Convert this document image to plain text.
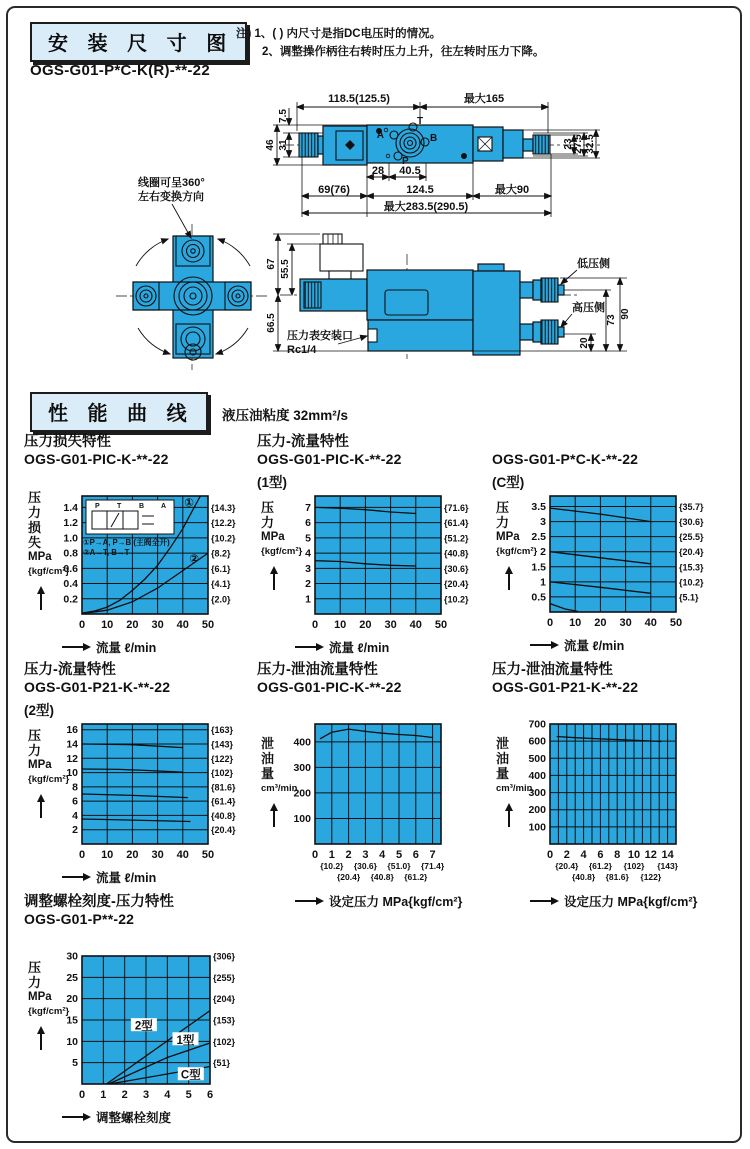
安 装 尺 寸 图 注) 1、( ) 内尺寸是指DC电压时的情况。
2、调整操作柄往右转时压力上升，往左转时压力下降。
OGS-G01-P*C-K(R)-**-22
T
A	B
P
118.5(125.5)	最大165
7.5
46 31	23 27.5 32.5
28 40.5
69(76)	124.5	最大90
最大283.5(290.5)
线圈可呈360°
左右变换方向
低压侧
高压侧
67 55.5
66.5	90
73
20
压力表安装口
Rc1/4
性 能 曲 线	液压油粘度 32mm²/s
压力损失特性
OGS-G01-PIC-K-**-22
压
力
损
失
MPa
{kgf/cm²}
P T	B A
①P→A, P→B (主阀全开)
②A→T, B→T
①
②
1.4	{14.3}
1.2	{12.2}
1.0	{10.2}
0.8	{8.2}
0.6	{6.1}
0.4	{4.1}
0.2	{2.0}
0 10 20 30 40 50
流量 ℓ/min
压力-流量特性
OGS-G01-PIC-K-**-22
(1型)
压
力
MPa
{kgf/cm²}
7	{71.6}
6	{61.4}
5	{51.2}
4	{40.8}
3	{30.6}
2	{20.4}
1	{10.2}
0 10 20 30 40 50
流量 ℓ/min
OGS-G01-P*C-K-**-22
(C型)
压
力
MPa
{kgf/cm²}
3.5	{35.7}
3	{30.6}
2.5	{25.5}
2	{20.4}
1.5	{15.3}
1	{10.2}
0.5	{5.1}
0 10 20 30 40 50
流量 ℓ/min
压力-流量特性
OGS-G01-P21-K-**-22
(2型)
压
力
MPa
{kgf/cm²}
16	{163}
14	{143}
12	{122}
10	{102}
8	{81.6}
6	{61.4}
4	{40.8}
2	{20.4}
0 10 20 30 40 50
流量 ℓ/min
压力-泄油流量特性
OGS-G01-PIC-K-**-22
泄
油
量
cm³/min
400
300
200
100
0 1
{10.2}
2
{20.4}
3
{30.6}
4
{40.8}
5
{51.0}
6
{61.2}
7
{71.4}
设定压力 MPa{kgf/cm²}
压力-泄油流量特性
OGS-G01-P21-K-**-22
泄
油
量
cm³/min
700
600
500
400
300
200
100
0 2
{20.4}
4
{40.8}
6
{61.2}
8
{81.6}
10
{102}
12
{122}
14
{143}
设定压力 MPa{kgf/cm²}
调整螺栓刻度-压力特性
OGS-G01-P**-22
压
力
MPa
{kgf/cm²}
2型
1型
C型
30	{306}
25	{255}
20	{204}
15	{153}
10	{102}
5	{51}
0 1 2 3 4 5 6
调整螺栓刻度
